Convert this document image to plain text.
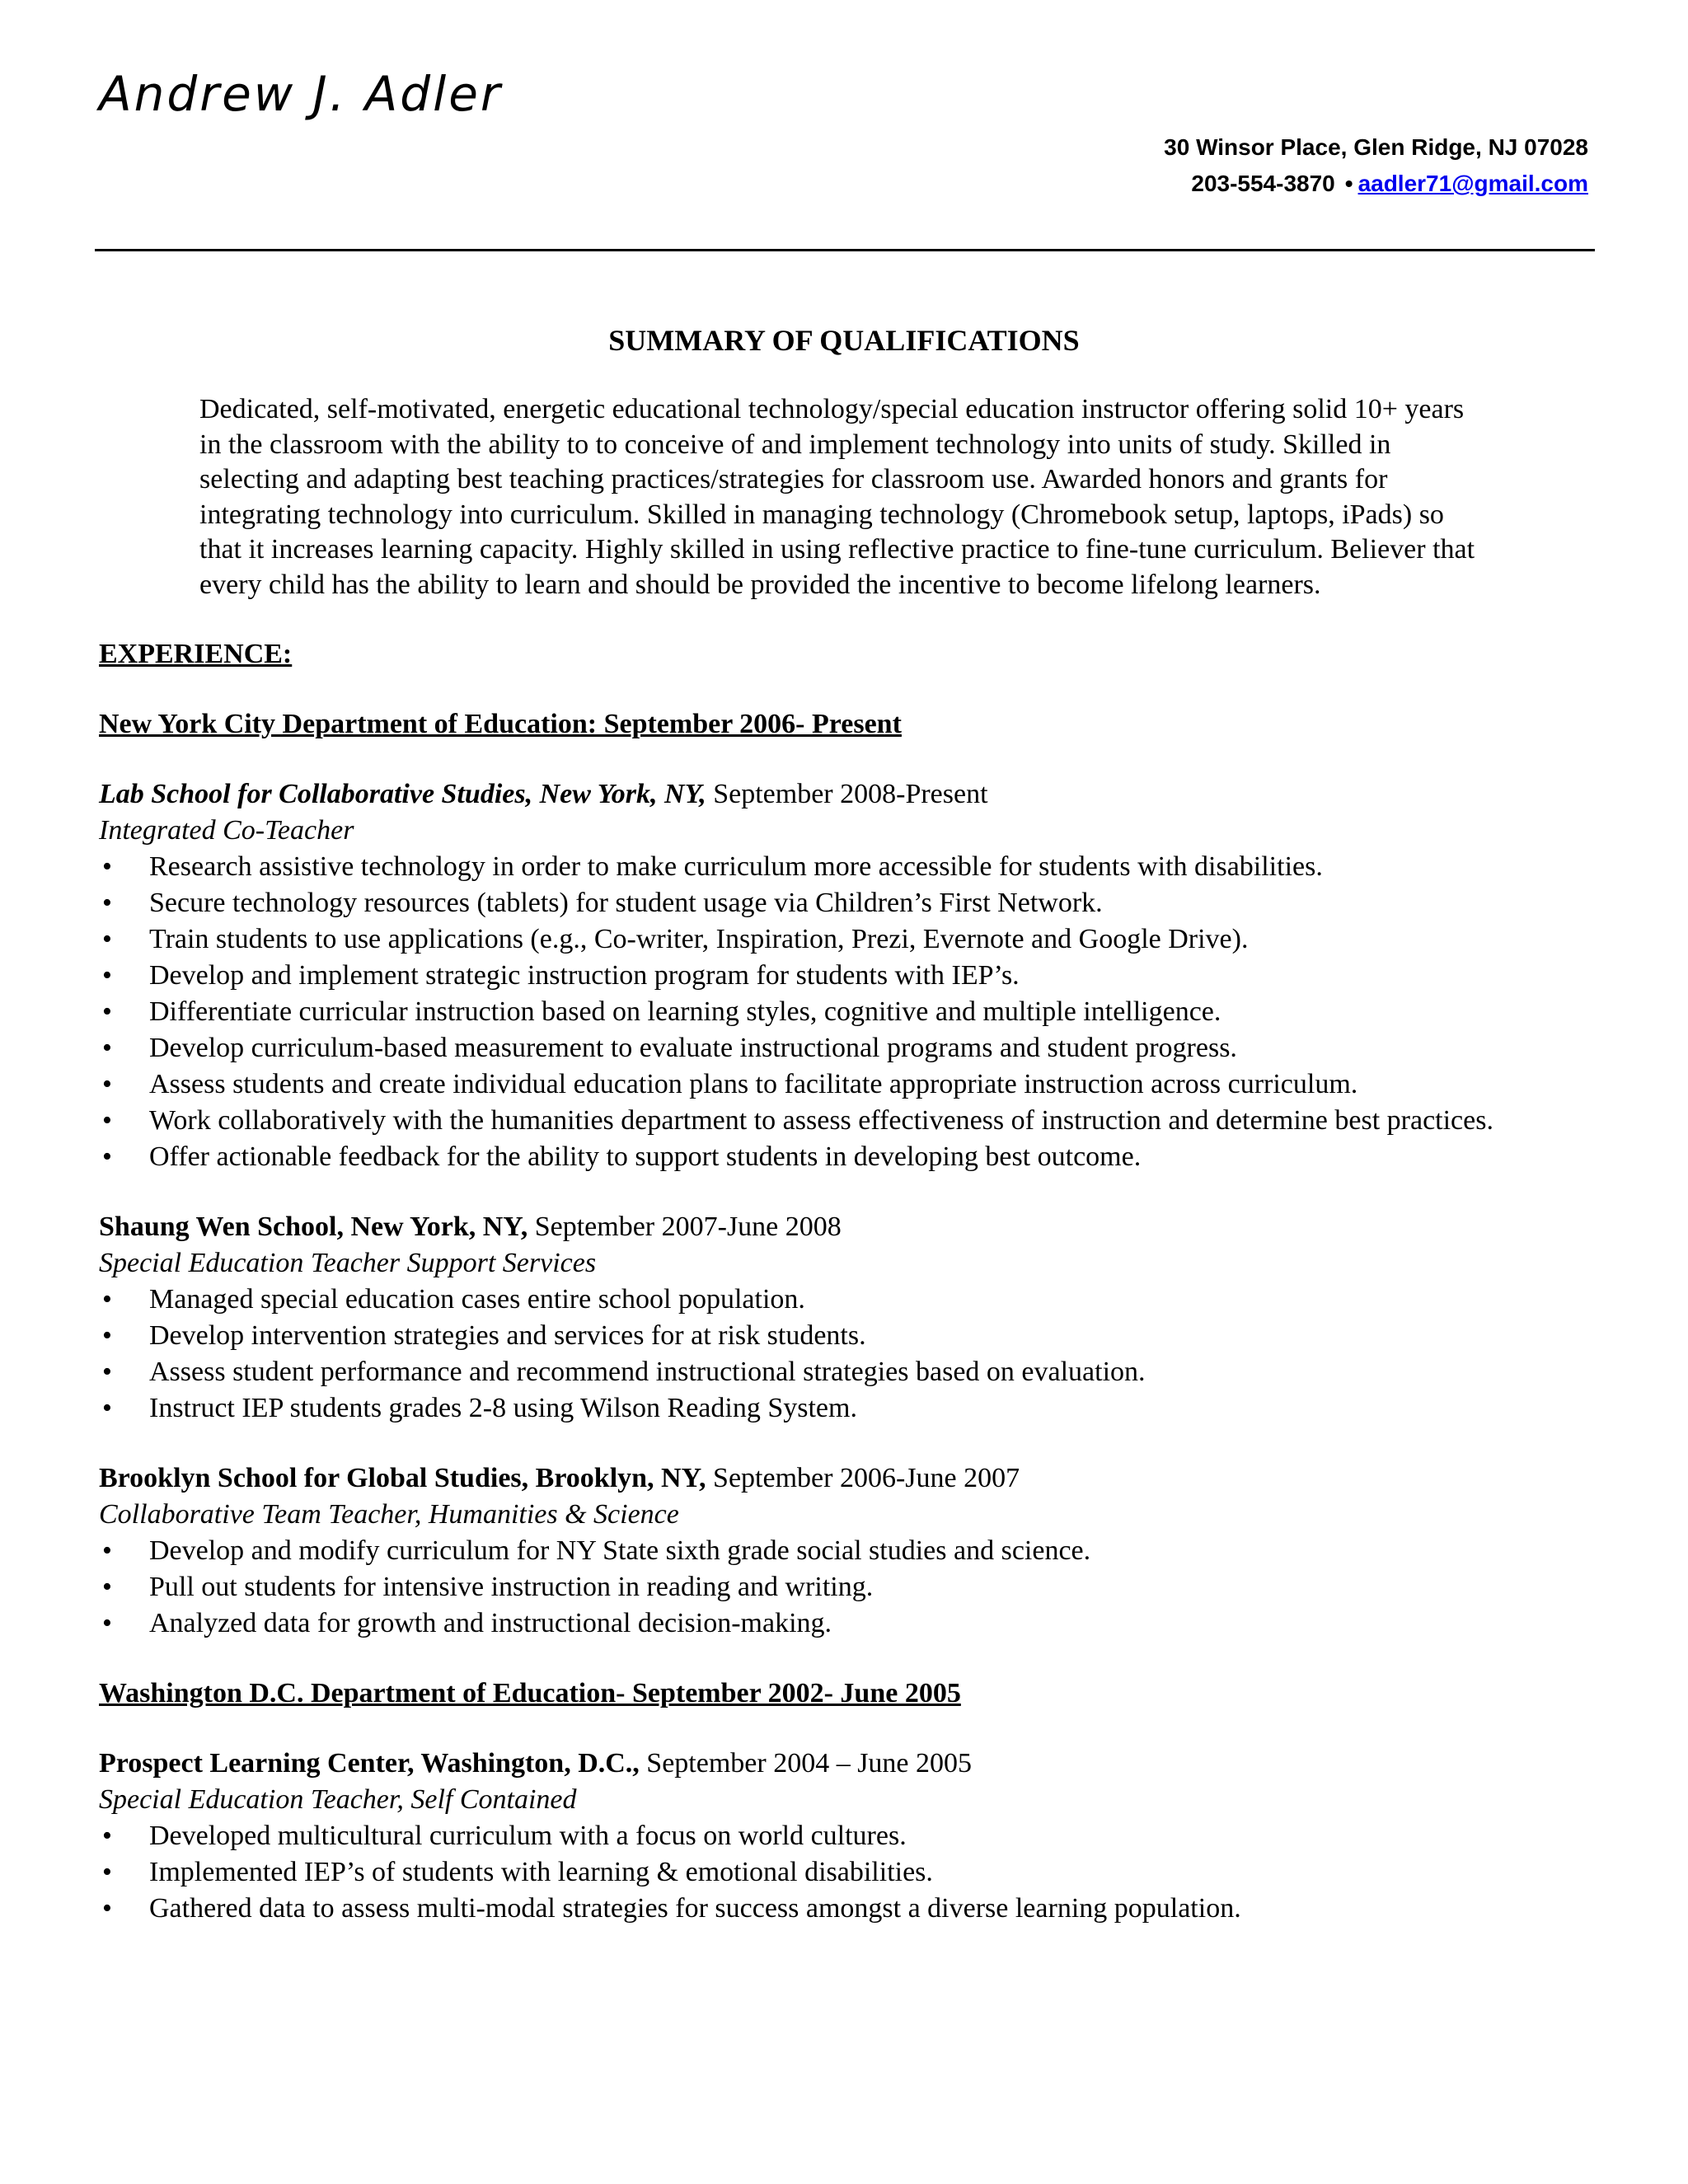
Andrew J. Adler
30 Winsor Place, Glen Ridge, NJ 07028
203-554-3870 • aadler71@gmail.com
SUMMARY OF QUALIFICATIONS
Dedicated, self-motivated, energetic educational technology/special education instructor offering solid 10+ years
in the classroom with the ability to to conceive of and implement technology into units of study. Skilled in
selecting and adapting best teaching practices/strategies for classroom use. Awarded honors and grants for
integrating technology into curriculum. Skilled in managing technology (Chromebook setup, laptops, iPads) so
that it increases learning capacity. Highly skilled in using reflective practice to fine-tune curriculum. Believer that
every child has the ability to learn and should be provided the incentive to become lifelong learners.

EXPERIENCE:

New York City Department of Education: September 2006- Present

Lab School for Collaborative Studies, New York, NY, September 2008-Present

Integrated Co-Teacher

• Research assistive technology in order to make curriculum more accessible for students with disabilities.
• Secure technology resources (tablets) for student usage via Children’s First Network.
• Train students to use applications (e.g., Co-writer, Inspiration, Prezi, Evernote and Google Drive).
• Develop and implement strategic instruction program for students with IEP’s.
• Differentiate curricular instruction based on learning styles, cognitive and multiple intelligence.
• Develop curriculum-based measurement to evaluate instructional programs and student progress.
• Assess students and create individual education plans to facilitate appropriate instruction across curriculum.
• Work collaboratively with the humanities department to assess effectiveness of instruction and determine best practices.
• Offer actionable feedback for the ability to support students in developing best outcome.

Shaung Wen School, New York, NY, September 2007-June 2008

Special Education Teacher Support Services

• Managed special education cases entire school population.
• Develop intervention strategies and services for at risk students.
• Assess student performance and recommend instructional strategies based on evaluation.
• Instruct IEP students grades 2-8 using Wilson Reading System.

Brooklyn School for Global Studies, Brooklyn, NY, September 2006-June 2007

Collaborative Team Teacher, Humanities & Science

• Develop and modify curriculum for NY State sixth grade social studies and science.
• Pull out students for intensive instruction in reading and writing.
• Analyzed data for growth and instructional decision-making.

Washington D.C. Department of Education- September 2002- June 2005

Prospect Learning Center, Washington, D.C., September 2004 – June 2005

Special Education Teacher, Self Contained

• Developed multicultural curriculum with a focus on world cultures.
• Implemented IEP’s of students with learning & emotional disabilities.
• Gathered data to assess multi-modal strategies for success amongst a diverse learning population.
